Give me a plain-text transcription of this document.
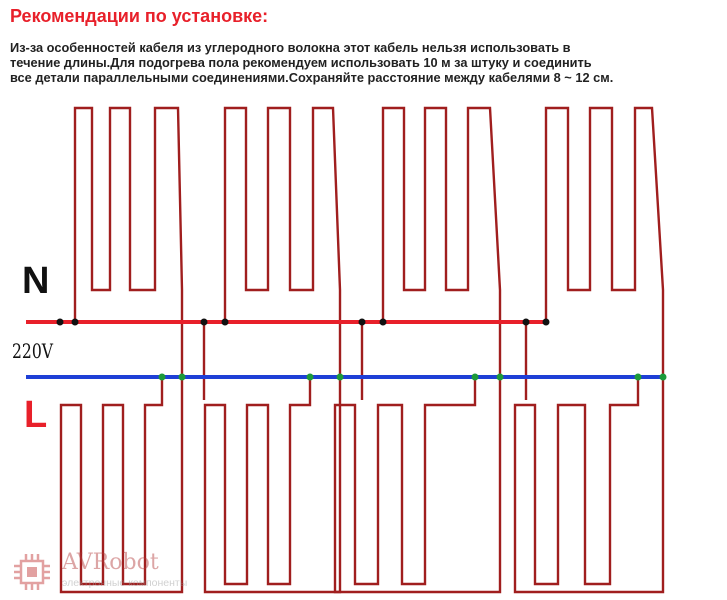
Рекомендации по установке:
Из-за особенностей кабеля из углеродного волокна этот кабель нельзя использовать в
течение длины.Для подогрева пола рекомендуем использовать 10 м за штуку и соединить
все детали параллельными соединениями.Сохраняйте расстояние между кабелями 8 ~ 12 см.
N
220V
L
AVRobot
электронные компоненты
